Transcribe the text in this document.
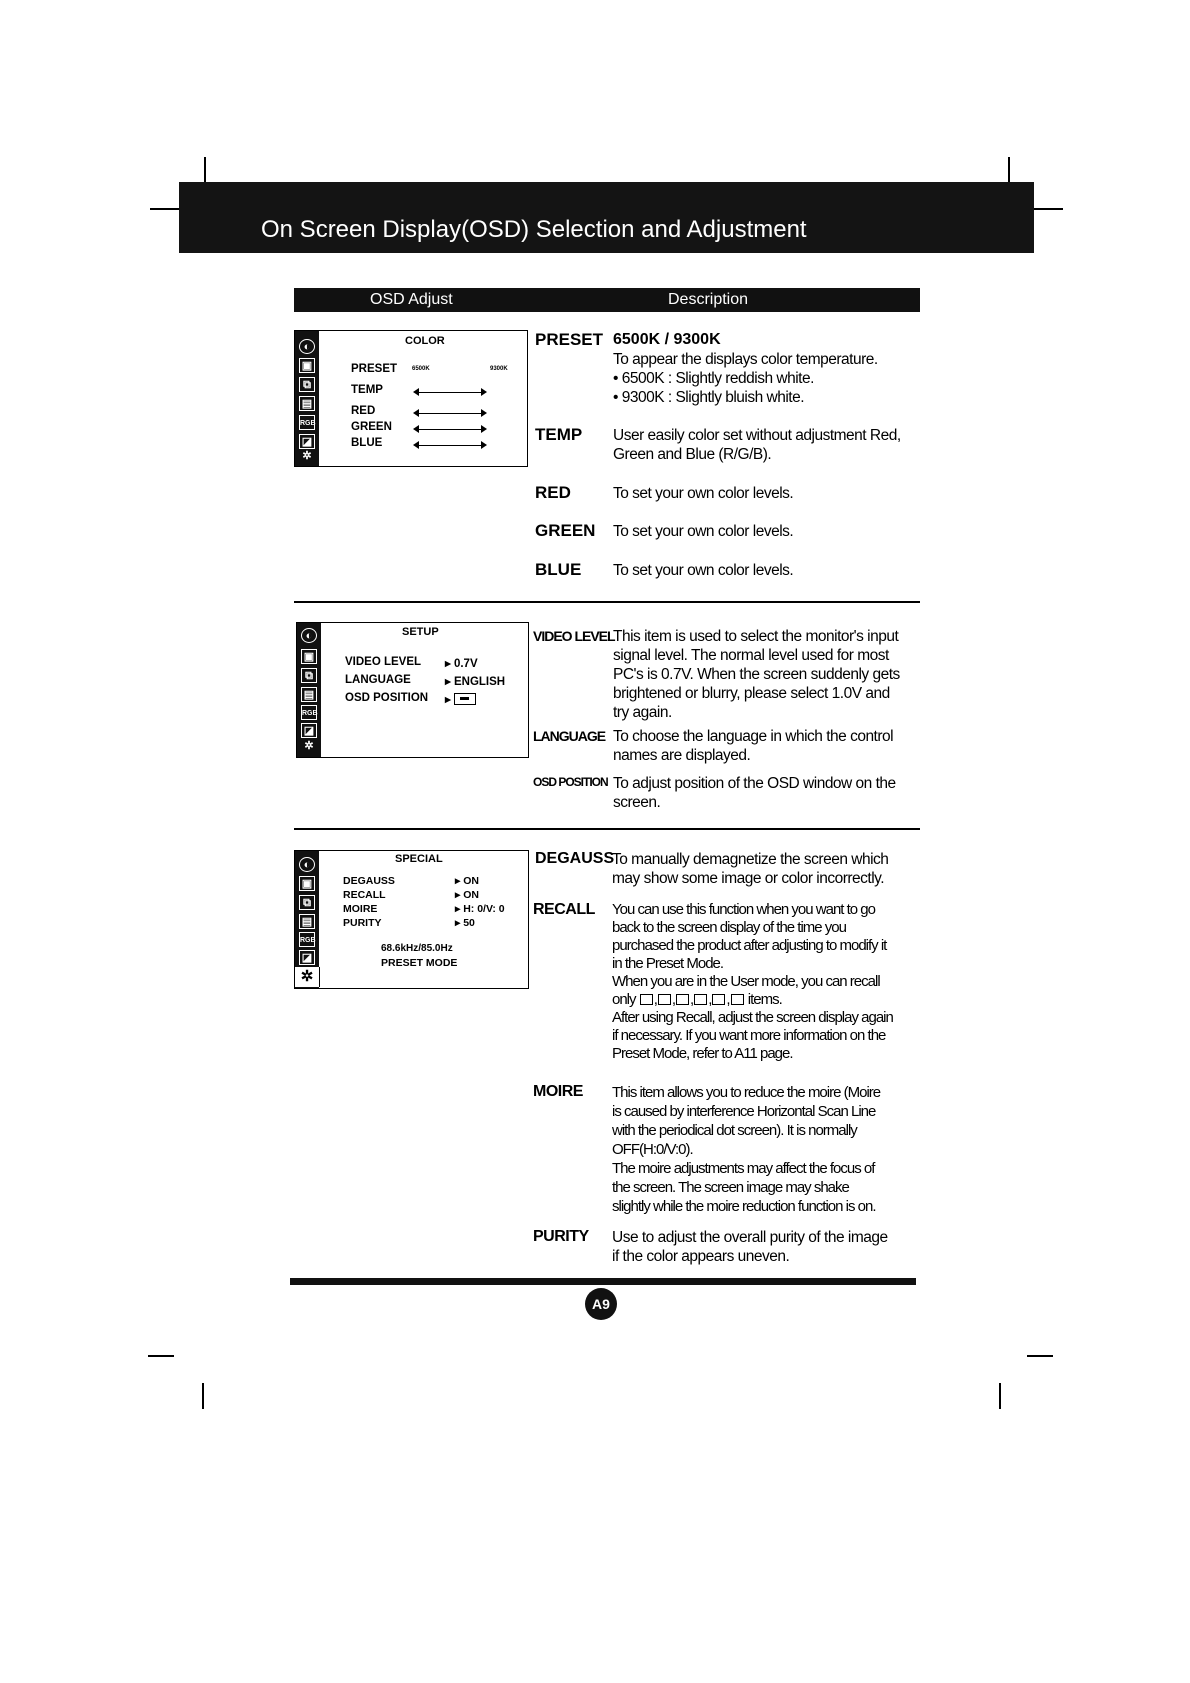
On Screen Display(OSD) Selection and Adjustment
OSD Adjust	Description
◐
▣
⧉
▤
RGB
◪
✲
COLOR
PRESET 6500K	9300K
TEMP
RED
GREEN
BLUE
PRESET 6500K / 9300K
To appear the displays color temperature.
• 6500K : Slightly reddish white.
• 9300K : Slightly bluish white.
TEMP User easily color set without adjustment Red,
Green and Blue (R/G/B).
RED	To set your own color levels.
GREEN To set your own color levels.
BLUE To set your own color levels.
◐
▣
⧉
▤
RGB
◪
✲
SETUP
VIDEO LEVEL ▸ 0.7V
LANGUAGE	▸ ENGLISH
OSD POSITION ▸
VIDEO LEVEL
This item is used to select the monitor's input
signal level. The normal level used for most
PC's is 0.7V. When the screen suddenly gets
brightened or blurry, please select 1.0V and
try again.
LANGUAGE To choose the language in which the control
names are displayed.
OSD POSITION To adjust position of the OSD window on the
screen.
◐
▣
⧉
▤
RGB
◪
✲
SPECIAL
DEGAUSS	▸ ON
RECALL	▸ ON
MOIRE	▸ H: 0/V: 0
PURITY	▸ 50
68.6kHz/85.0Hz
PRESET MODE
DEGAUSS
To manually demagnetize the screen which
may show some image or color incorrectly.
RECALL You can use this function when you want to go
back to the screen display of the time you
purchased the product after adjusting to modify it
in the Preset Mode.
When you are in the User mode, you can recall
only , , , , , items.
After using Recall, adjust the screen display again
if necessary. If you want more information on the
Preset Mode, refer to A11 page.
MOIRE This item allows you to reduce the moire (Moire
is caused by interference Horizontal Scan Line
with the periodical dot screen). It is normally
OFF(H:0/V:0).
The moire adjustments may affect the focus of
the screen. The screen image may shake
slightly while the moire reduction function is on.
PURITY Use to adjust the overall purity of the image
if the color appears uneven.
A9
